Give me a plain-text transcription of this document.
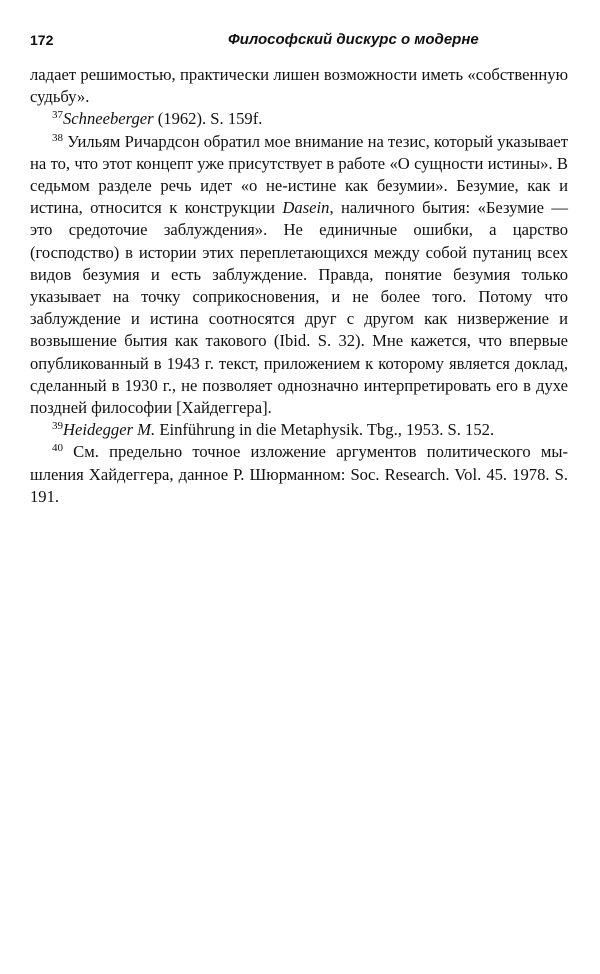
172	Философский дискурс о модерне

ладает решимостью, практически лишен возможности иметь «собственную судьбу».

$^{37}$Schneeberger (1962). S. 159f.

$^{38}$ Уильям Ричардсон обратил мое внимание на тезис, который указывает на то, что этот концепт уже присутствует в работе «О сущности истины». В седьмом разделе речь идет «о не-истине как безумии». Безумие, как и истина, относится к конструкции Dasein, наличного бытия: «Безумие — это средоточие заблуждения». Не единичные ошибки, а царство (господство) в истории этих переплетающихся между собой путаниц всех видов безумия и есть заблуждение. Правда, понятие безумия только указывает на точку соприкосновения, и не более того. Потому что заблуждение и истина соотносятся друг с другом как низвержение и возвышение бытия как такового (Ibid. S. 32). Мне кажется, что впервые опубликованный в 1943 г. текст, приложением к которому является доклад, сделанный в 1930 г., не позволяет однозначно интерпретировать его в духе поздней философии [Хайдеггера].

$^{39}$Heidegger M. Einführung in die Metaphysik. Tbg., 1953. S. 152.

$^{40}$ См. предельно точное изложение аргументов политического мышления Хайдеггера, данное Р. Шюрманном: Soc. Research. Vol. 45. 1978. S. 191.
